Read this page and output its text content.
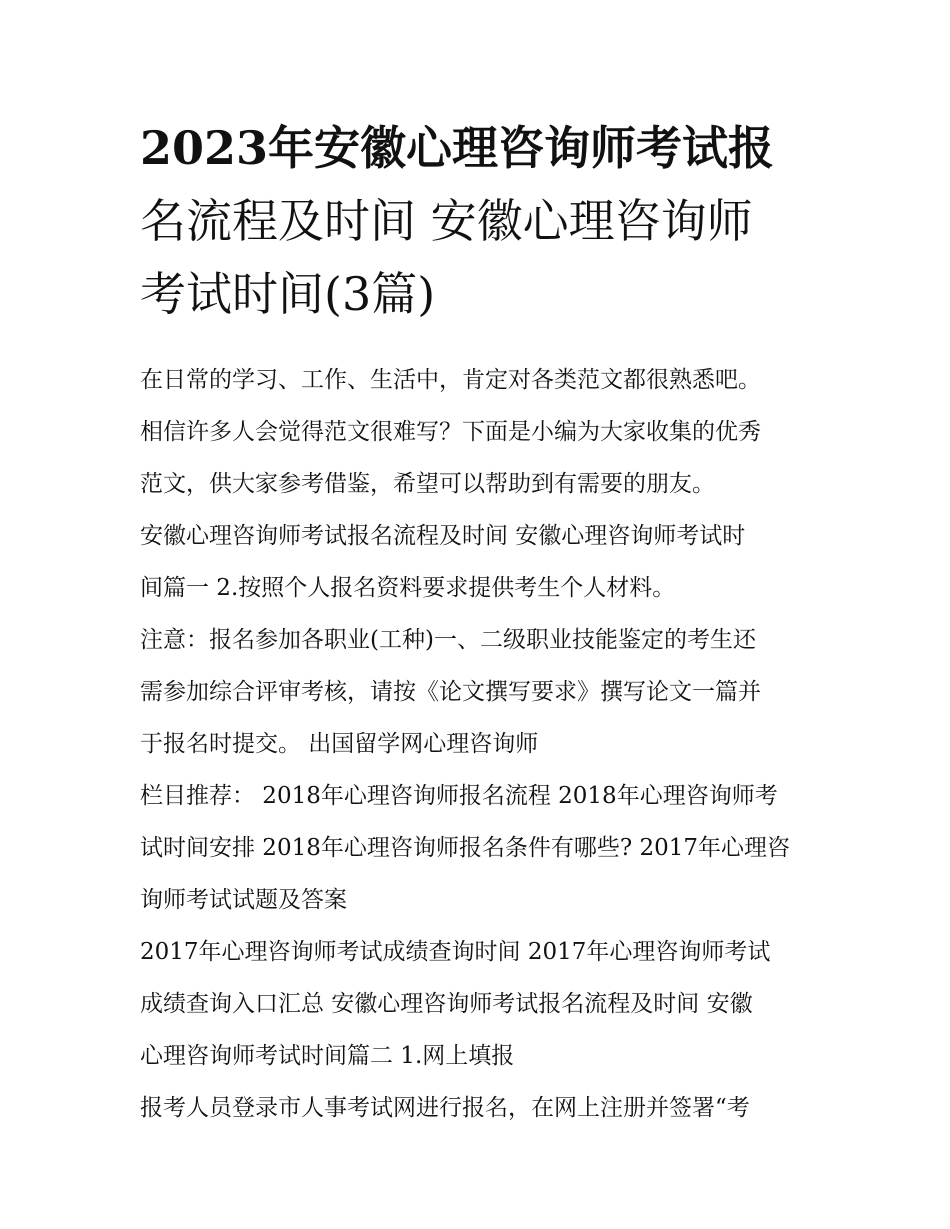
2023年安徽心理咨询师考试报
名流程及时间 安徽心理咨询师
考试时间(3篇)
在日常的学习、工作、生活中，肯定对各类范文都很熟悉吧。
相信许多人会觉得范文很难写？下面是小编为大家收集的优秀
范文，供大家参考借鉴，希望可以帮助到有需要的朋友。
安徽心理咨询师考试报名流程及时间 安徽心理咨询师考试时
间篇一 2.按照个人报名资料要求提供考生个人材料。
注意：报名参加各职业(工种)一、二级职业技能鉴定的考生还
需参加综合评审考核，请按《论文撰写要求》撰写论文一篇并
于报名时提交。 出国留学网心理咨询师
栏目推荐： 2018年心理咨询师报名流程 2018年心理咨询师考
试时间安排 2018年心理咨询师报名条件有哪些? 2017年心理咨
询师考试试题及答案
2017年心理咨询师考试成绩查询时间 2017年心理咨询师考试
成绩查询入口汇总 安徽心理咨询师考试报名流程及时间 安徽
心理咨询师考试时间篇二 1.网上填报
报考人员登录市人事考试网进行报名，在网上注册并签署“考
